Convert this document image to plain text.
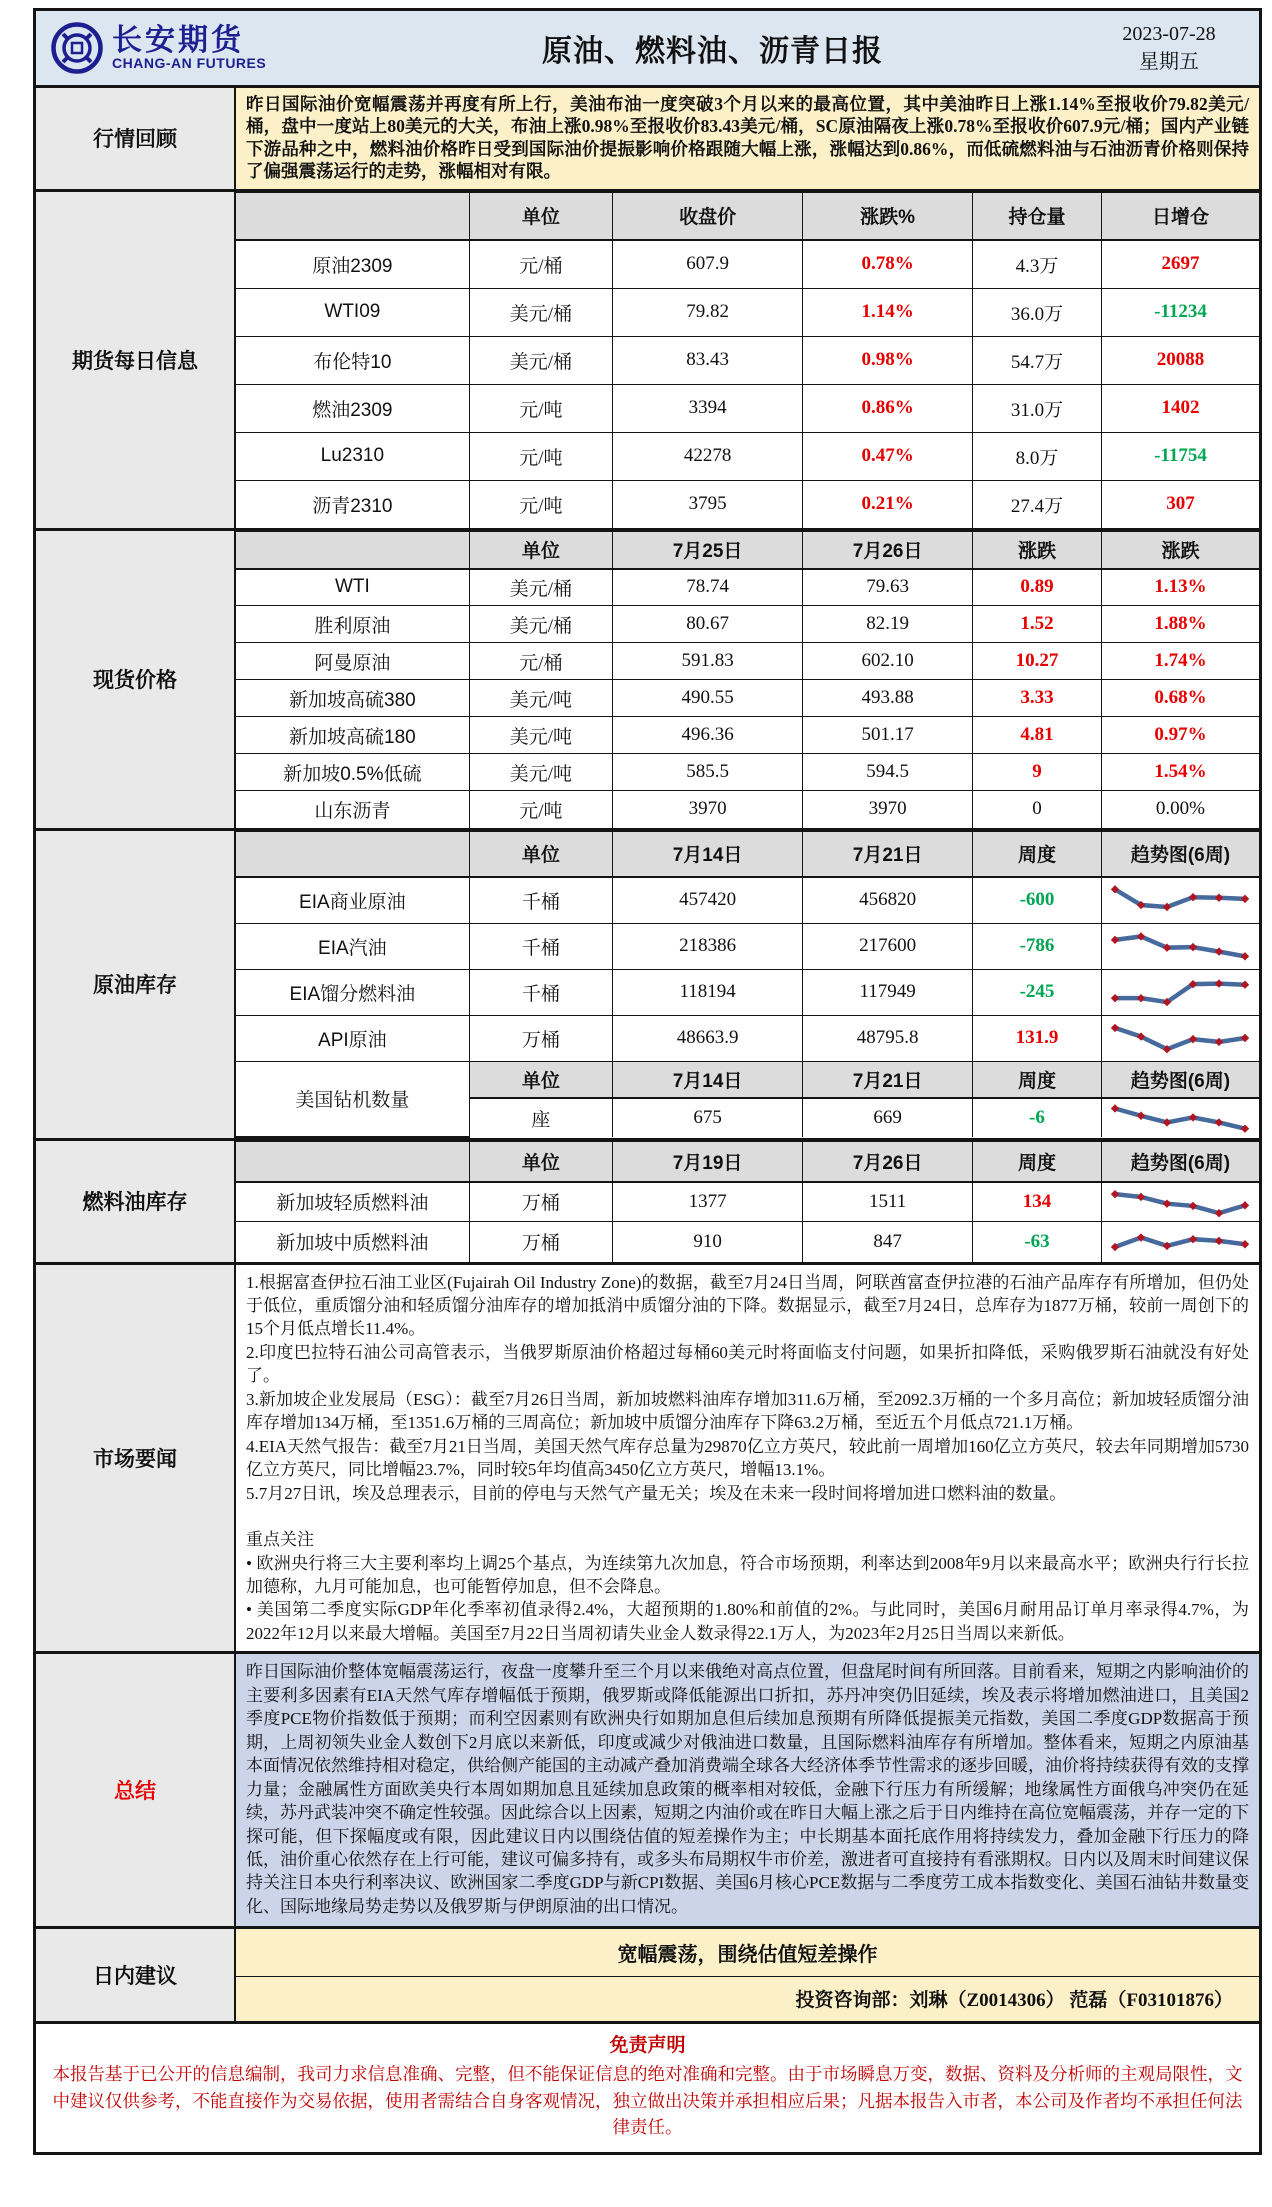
长安期货
CHANG-AN FUTURES	原油、燃料油、沥青日报
2023-07-28
星期五
行情回顾
昨日国际油价宽幅震荡并再度有所上行，美油布油一度突破3个月以来的最高位置，其中美油昨日上涨1.14%至报收价79.82美元/桶，盘中一度站上80美元的大关，布油上涨0.98%至报收价83.43美元/桶，SC原油隔夜上涨0.78%至报收价607.9元/桶；国内产业链下游品种之中，燃料油价格昨日受到国际油价提振影响价格跟随大幅上涨，涨幅达到0.86%，而低硫燃料油与石油沥青价格则保持了偏强震荡运行的走势，涨幅相对有限。
期货每日信息
	单位	收盘价	涨跌%	持仓量	日增仓
原油2309	元/桶	607.9	0.78%	4.3万	2697
WTI09	美元/桶	79.82	1.14%	36.0万	-11234
布伦特10	美元/桶	83.43	0.98%	54.7万	20088
燃油2309	元/吨	3394	0.86%	31.0万	1402
Lu2310	元/吨	42278	0.47%	8.0万	-11754
沥青2310	元/吨	3795	0.21%	27.4万	307
现货价格
	单位	7月25日	7月26日	涨跌	涨跌
WTI	美元/桶	78.74	79.63	0.89	1.13%
胜利原油	美元/桶	80.67	82.19	1.52	1.88%
阿曼原油	元/桶	591.83	602.10	10.27	1.74%
新加坡高硫380	美元/吨	490.55	493.88	3.33	0.68%
新加坡高硫180	美元/吨	496.36	501.17	4.81	0.97%
新加坡0.5%低硫	美元/吨	585.5	594.5	9	1.54%
山东沥青	元/吨	3970	3970	0	0.00%
原油库存
	单位	7月14日	7月21日	周度	趋势图(6周)
EIA商业原油	千桶	457420	456820	-600	

EIA汽油	千桶	218386	217600	-786	

EIA馏分燃料油	千桶	118194	117949	-245	

API原油	万桶	48663.9	48795.8	131.9	

美国钻机数量	单位	7月14日	7月21日	周度	趋势图(6周)
	座	675	669	-6	
燃料油库存
	单位	7月19日	7月26日	周度	趋势图(6周)
新加坡轻质燃料油	万桶	1377	1511	134	

新加坡中质燃料油	万桶	910	847	-63	
市场要闻
1.根据富查伊拉石油工业区(Fujairah Oil Industry Zone)的数据，截至7月24日当周，阿联酋富查伊拉港的石油产品库存有所增加，但仍处于低位，重质馏分油和轻质馏分油库存的增加抵消中质馏分油的下降。数据显示，截至7月24日，总库存为1877万桶，较前一周创下的15个月低点增长11.4%。
2.印度巴拉特石油公司高管表示，当俄罗斯原油价格超过每桶60美元时将面临支付问题，如果折扣降低，采购俄罗斯石油就没有好处了。
3.新加坡企业发展局（ESG）：截至7月26日当周，新加坡燃料油库存增加311.6万桶，至2092.3万桶的一个多月高位；新加坡轻质馏分油库存增加134万桶，至1351.6万桶的三周高位；新加坡中质馏分油库存下降63.2万桶，至近五个月低点721.1万桶。
4.EIA天然气报告：截至7月21日当周，美国天然气库存总量为29870亿立方英尺，较此前一周增加160亿立方英尺，较去年同期增加5730亿立方英尺，同比增幅23.7%，同时较5年均值高3450亿立方英尺，增幅13.1%。
5.7月27日讯，埃及总理表示，目前的停电与天然气产量无关；埃及在未来一段时间将增加进口燃料油的数量。
重点关注
• 欧洲央行将三大主要利率均上调25个基点，为连续第九次加息，符合市场预期，利率达到2008年9月以来最高水平；欧洲央行行长拉加德称，九月可能加息，也可能暂停加息，但不会降息。
• 美国第二季度实际GDP年化季率初值录得2.4%，大超预期的1.80%和前值的2%。与此同时，美国6月耐用品订单月率录得4.7%，为2022年12月以来最大增幅。美国至7月22日当周初请失业金人数录得22.1万人，为2023年2月25日当周以来新低。
总结
昨日国际油价整体宽幅震荡运行，夜盘一度攀升至三个月以来俄绝对高点位置，但盘尾时间有所回落。目前看来，短期之内影响油价的主要利多因素有EIA天然气库存增幅低于预期，俄罗斯或降低能源出口折扣，苏丹冲突仍旧延续，埃及表示将增加燃油进口，且美国2季度PCE物价指数低于预期；而利空因素则有欧洲央行如期加息但后续加息预期有所降低提振美元指数，美国二季度GDP数据高于预期，上周初领失业金人数创下2月底以来新低，印度或减少对俄油进口数量，且国际燃料油库存有所增加。整体看来，短期之内原油基本面情况依然维持相对稳定，供给侧产能国的主动减产叠加消费端全球各大经济体季节性需求的逐步回暖，油价将持续获得有效的支撑力量；金融属性方面欧美央行本周如期加息且延续加息政策的概率相对较低，金融下行压力有所缓解；地缘属性方面俄乌冲突仍在延续，苏丹武装冲突不确定性较强。因此综合以上因素，短期之内油价或在昨日大幅上涨之后于日内维持在高位宽幅震荡，并存一定的下探可能，但下探幅度或有限，因此建议日内以围绕估值的短差操作为主；中长期基本面托底作用将持续发力，叠加金融下行压力的降低，油价重心依然存在上行可能，建议可偏多持有，或多头布局期权牛市价差，激进者可直接持有看涨期权。日内以及周末时间建议保持关注日本央行利率决议、欧洲国家二季度GDP与新CPI数据、美国6月核心PCE数据与二季度劳工成本指数变化、美国石油钻井数量变化、国际地缘局势走势以及俄罗斯与伊朗原油的出口情况。
日内建议
宽幅震荡，围绕估值短差操作
投资咨询部：刘琳（Z0014306） 范磊（F03101876）
免责声明
本报告基于已公开的信息编制，我司力求信息准确、完整，但不能保证信息的绝对准确和完整。由于市场瞬息万变，数据、资料及分析师的主观局限性，文中建议仅供参考，不能直接作为交易依据，使用者需结合自身客观情况，独立做出决策并承担相应后果；凡据本报告入市者，本公司及作者均不承担任何法律责任。
